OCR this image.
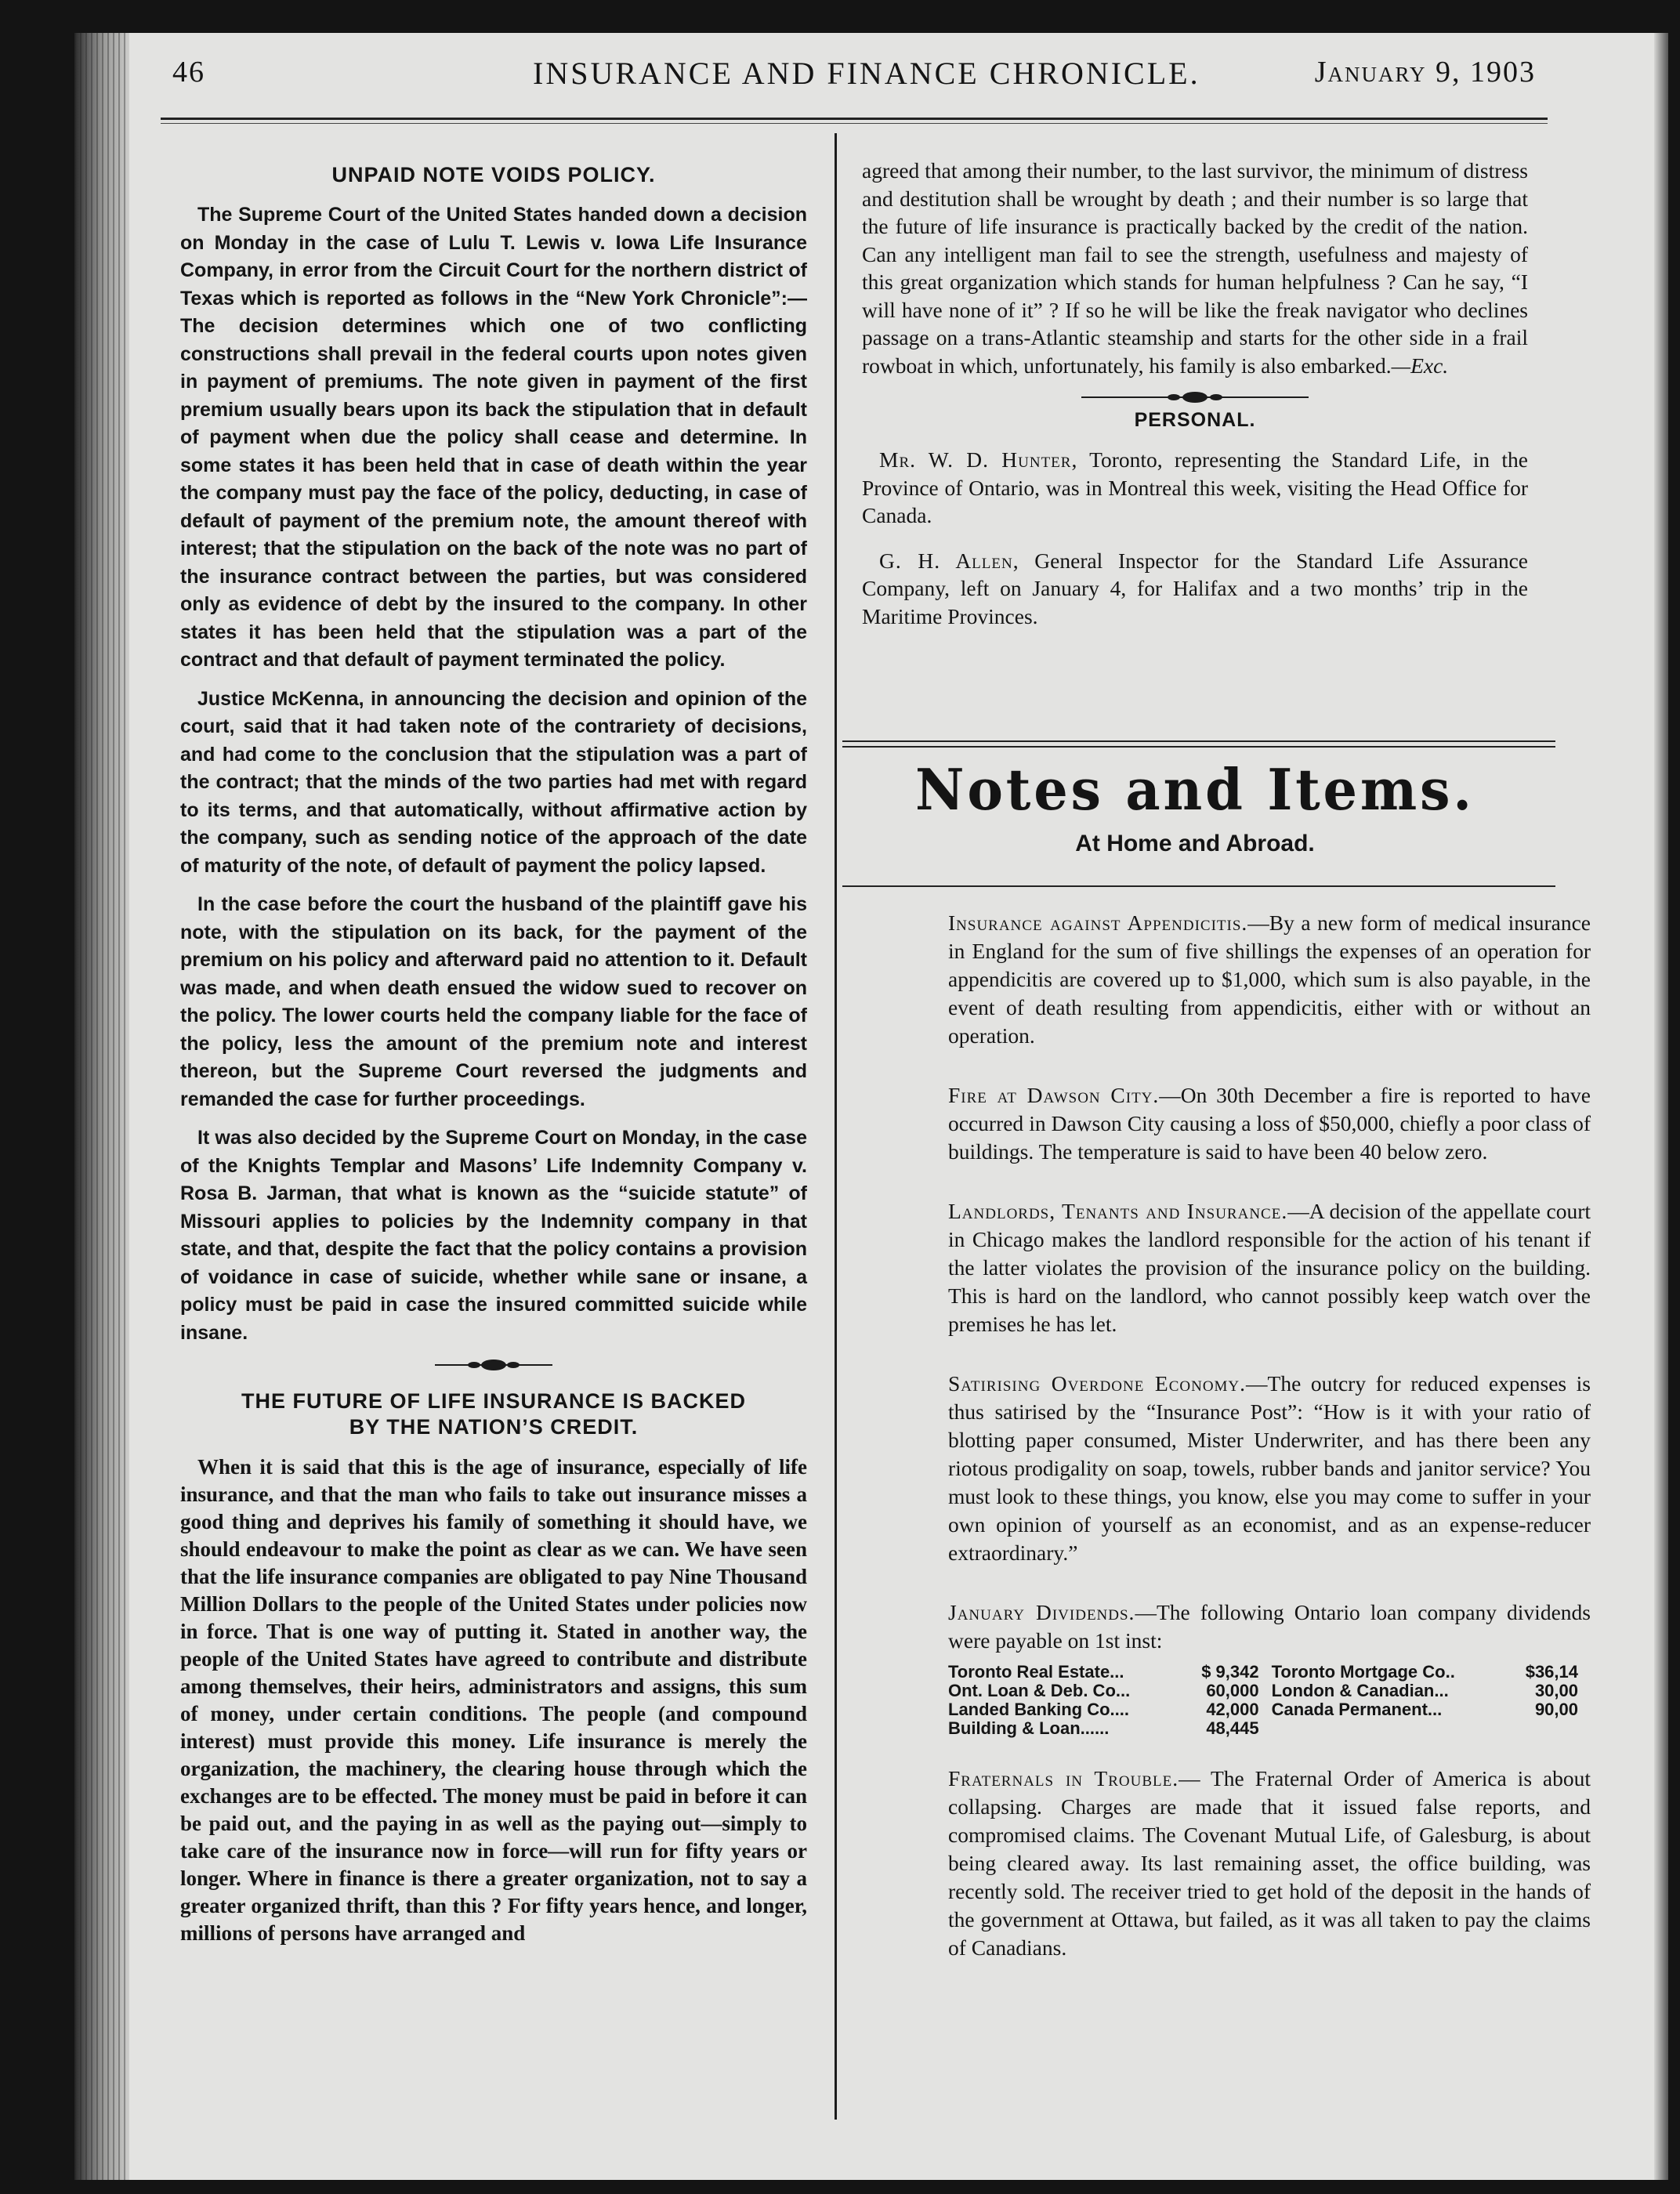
46	INSURANCE AND FINANCE CHRONICLE.	January 9, 1903
UNPAID NOTE VOIDS POLICY.

The Supreme Court of the United States handed down a decision on Monday in the case of Lulu T. Lewis v. Iowa Life Insurance Company, in error from the Circuit Court for the northern district of Texas which is reported as follows in the “New York Chronicle”:—The decision determines which one of two conflicting constructions shall prevail in the federal courts upon notes given in payment of premiums. The note given in payment of the first premium usually bears upon its back the stipulation that in default of payment when due the policy shall cease and determine. In some states it has been held that in case of death within the year the company must pay the face of the policy, deducting, in case of default of payment of the premium note, the amount thereof with interest; that the stipulation on the back of the note was no part of the insurance contract between the parties, but was considered only as evidence of debt by the insured to the company. In other states it has been held that the stipulation was a part of the contract and that default of payment terminated the policy.

Justice McKenna, in announcing the decision and opinion of the court, said that it had taken note of the contrariety of decisions, and had come to the conclusion that the stipulation was a part of the contract; that the minds of the two parties had met with regard to its terms, and that automatically, without affirmative action by the company, such as sending notice of the approach of the date of maturity of the note, of default of payment the policy lapsed.

In the case before the court the husband of the plaintiff gave his note, with the stipulation on its back, for the payment of the premium on his policy and afterward paid no attention to it. Default was made, and when death ensued the widow sued to recover on the policy. The lower courts held the company liable for the face of the policy, less the amount of the premium note and interest thereon, but the Supreme Court reversed the judgments and remanded the case for further proceedings.

It was also decided by the Supreme Court on Monday, in the case of the Knights Templar and Masons’ Life Indemnity Company v. Rosa B. Jarman, that what is known as the “suicide statute” of Missouri applies to policies by the Indemnity company in that state, and that, despite the fact that the policy contains a provision of voidance in case of suicide, whether while sane or insane, a policy must be paid in case the insured committed suicide while insane.

THE FUTURE OF LIFE INSURANCE IS BACKED
BY THE NATION’S CREDIT.

When it is said that this is the age of insurance, especially of life insurance, and that the man who fails to take out insurance misses a good thing and deprives his family of something it should have, we should endeavour to make the point as clear as we can. We have seen that the life insurance companies are obligated to pay Nine Thousand Million Dollars to the people of the United States under policies now in force. That is one way of putting it. Stated in another way, the people of the United States have agreed to contribute and distribute among themselves, their heirs, administrators and assigns, this sum of money, under certain conditions. The people (and compound interest) must provide this money. Life insurance is merely the organization, the machinery, the clearing house through which the exchanges are to be effected. The money must be paid in before it can be paid out, and the paying in as well as the paying out—simply to take care of the insurance now in force—will run for fifty years or longer. Where in finance is there a greater organization, not to say a greater organized thrift, than this ? For fifty years hence, and longer, millions of persons have arranged and

agreed that among their number, to the last survivor, the minimum of distress and destitution shall be wrought by death ; and their number is so large that the future of life insurance is practically backed by the credit of the nation. Can any intelligent man fail to see the strength, usefulness and majesty of this great organization which stands for human helpfulness ? Can he say, “I will have none of it” ? If so he will be like the freak navigator who declines passage on a trans-Atlantic steamship and starts for the other side in a frail rowboat in which, unfortunately, his family is also embarked.—Exc.

PERSONAL.

Mr. W. D. Hunter, Toronto, representing the Standard Life, in the Province of Ontario, was in Montreal this week, visiting the Head Office for Canada.

G. H. Allen, General Inspector for the Standard Life Assurance Company, left on January 4, for Halifax and a two months’ trip in the Maritime Provinces.

Notes and Items.
At Home and Abroad.

Insurance against Appendicitis.—By a new form of medical insurance in England for the sum of five shillings the expenses of an operation for appendicitis are covered up to $1,000, which sum is also payable, in the event of death resulting from appendicitis, either with or without an operation.

Fire at Dawson City.—On 30th December a fire is reported to have occurred in Dawson City causing a loss of $50,000, chiefly a poor class of buildings. The temperature is said to have been 40 below zero.

Landlords, Tenants and Insurance.—A decision of the appellate court in Chicago makes the landlord responsible for the action of his tenant if the latter violates the provision of the insurance policy on the building. This is hard on the landlord, who cannot possibly keep watch over the premises he has let.

Satirising Overdone Economy.—The outcry for reduced expenses is thus satirised by the “Insurance Post”: “How is it with your ratio of blotting paper consumed, Mister Underwriter, and has there been any riotous prodigality on soap, towels, rubber bands and janitor service? You must look to these things, you know, else you may come to suffer in your own opinion of yourself as an economist, and as an expense-reducer extraordinary.”

January Dividends.—The following Ontario loan company dividends were payable on 1st inst:

Toronto Real Estate...	$ 9,342	Toronto Mortgage Co..	$36,14
Ont. Loan & Deb. Co...	60,000	London & Canadian...	30,00
Landed Banking Co....	42,000	Canada Permanent...	90,00
Building & Loan......	48,445		

Fraternals in Trouble.— The Fraternal Order of America is about collapsing. Charges are made that it issued false reports, and compromised claims. The Covenant Mutual Life, of Galesburg, is about being cleared away. Its last remaining asset, the office building, was recently sold. The receiver tried to get hold of the deposit in the hands of the government at Ottawa, but failed, as it was all taken to pay the claims of Canadians.
